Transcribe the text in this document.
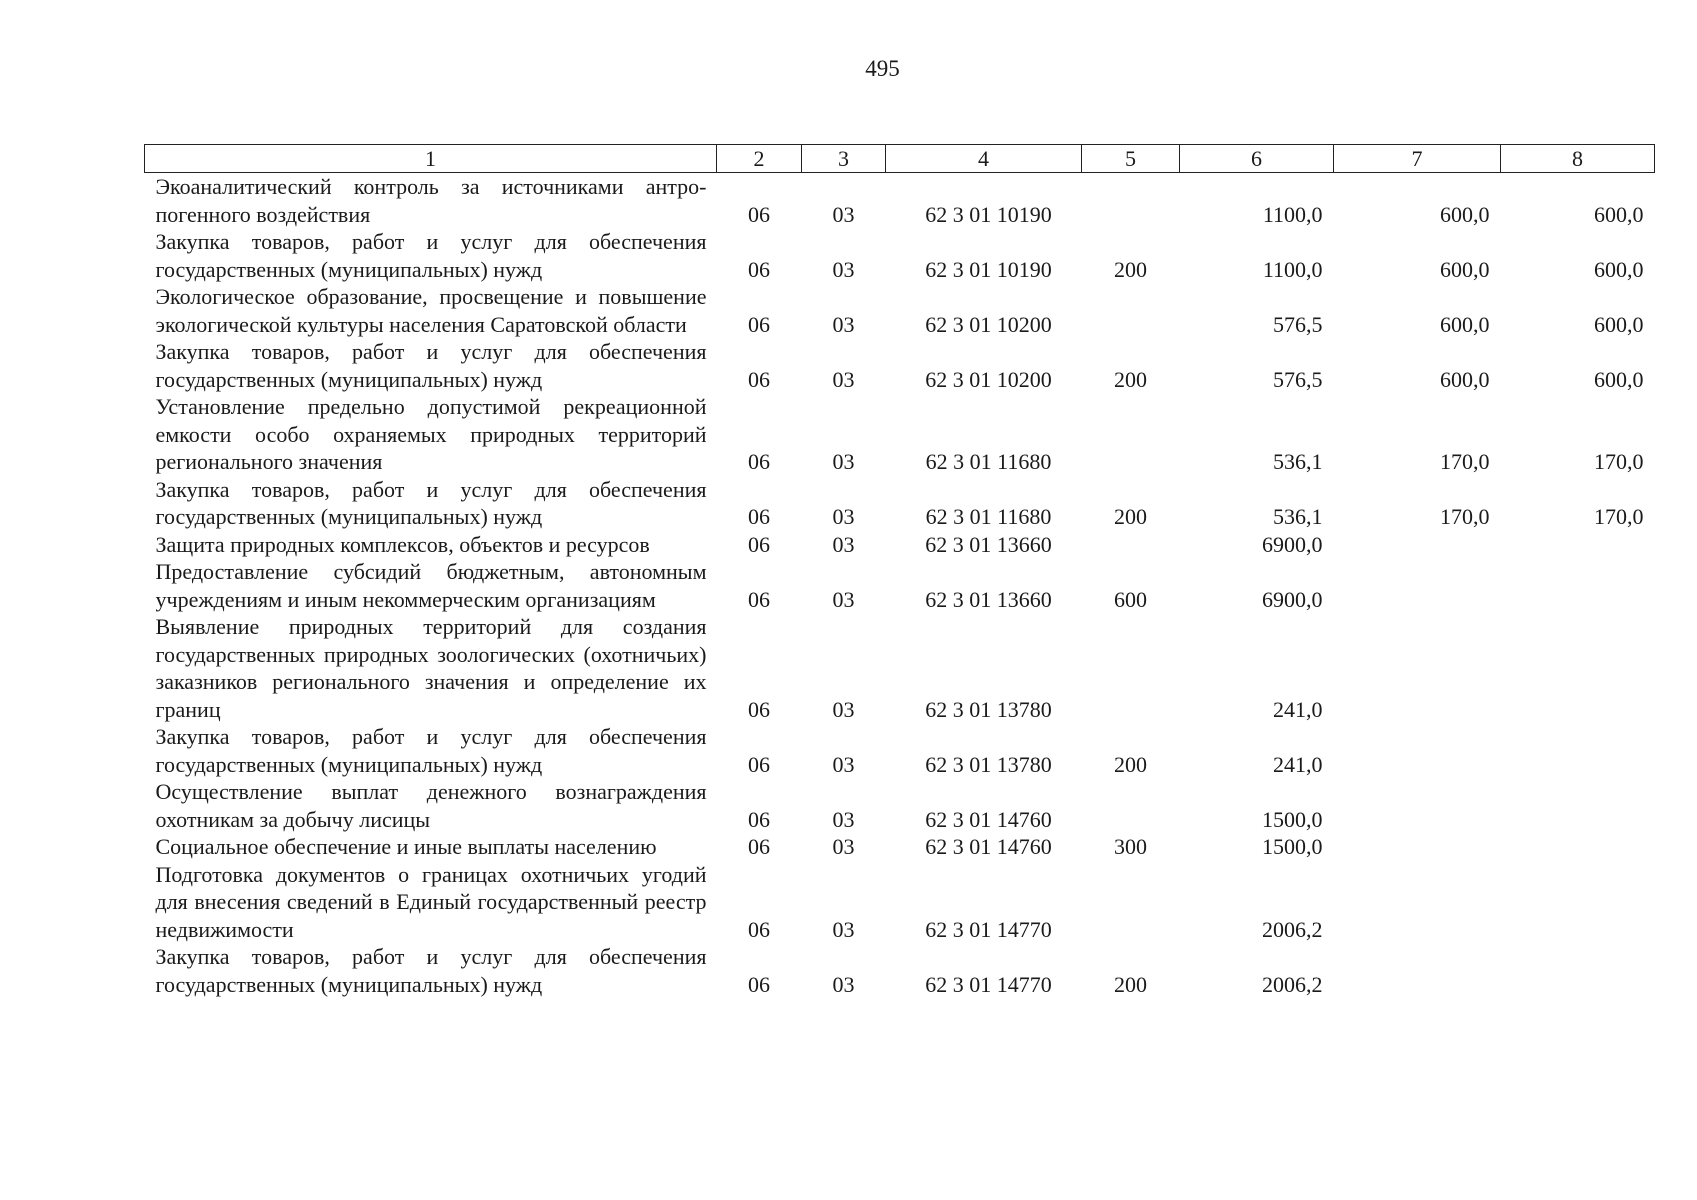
495
1	2	3	4	5	6	7	8
Экоаналитический контроль за источниками антропогенного воздействия	06	03	62 3 01 10190		1100,0	600,0	600,0
Закупка товаров, работ и услуг для обеспечения государственных (муниципальных) нужд	06	03	62 3 01 10190	200	1100,0	600,0	600,0
Экологическое образование, просвещение и повышение экологической культуры населения Саратовской области	06	03	62 3 01 10200		576,5	600,0	600,0
Закупка товаров, работ и услуг для обеспечения государственных (муниципальных) нужд	06	03	62 3 01 10200	200	576,5	600,0	600,0
Установление предельно допустимой рекреационной емкости особо охраняемых природных территорий регионального значения	06	03	62 3 01 11680		536,1	170,0	170,0
Закупка товаров, работ и услуг для обеспечения государственных (муниципальных) нужд	06	03	62 3 01 11680	200	536,1	170,0	170,0
Защита природных комплексов, объектов и ресурсов	06	03	62 3 01 13660		6900,0		
Предоставление субсидий бюджетным, автономным учреждениям и иным некоммерческим организациям	06	03	62 3 01 13660	600	6900,0		
Выявление природных территорий для создания государственных природных зоологических (охотничьих) заказников регионального значения и определение их границ	06	03	62 3 01 13780		241,0		
Закупка товаров, работ и услуг для обеспечения государственных (муниципальных) нужд	06	03	62 3 01 13780	200	241,0		
Осуществление выплат денежного вознаграждения охотникам за добычу лисицы	06	03	62 3 01 14760		1500,0		
Социальное обеспечение и иные выплаты населению	06	03	62 3 01 14760	300	1500,0		
Подготовка документов о границах охотничьих угодий для внесения сведений в Единый государственный реестр недвижимости	06	03	62 3 01 14770		2006,2		
Закупка товаров, работ и услуг для обеспечения государственных (муниципальных) нужд	06	03	62 3 01 14770	200	2006,2		
